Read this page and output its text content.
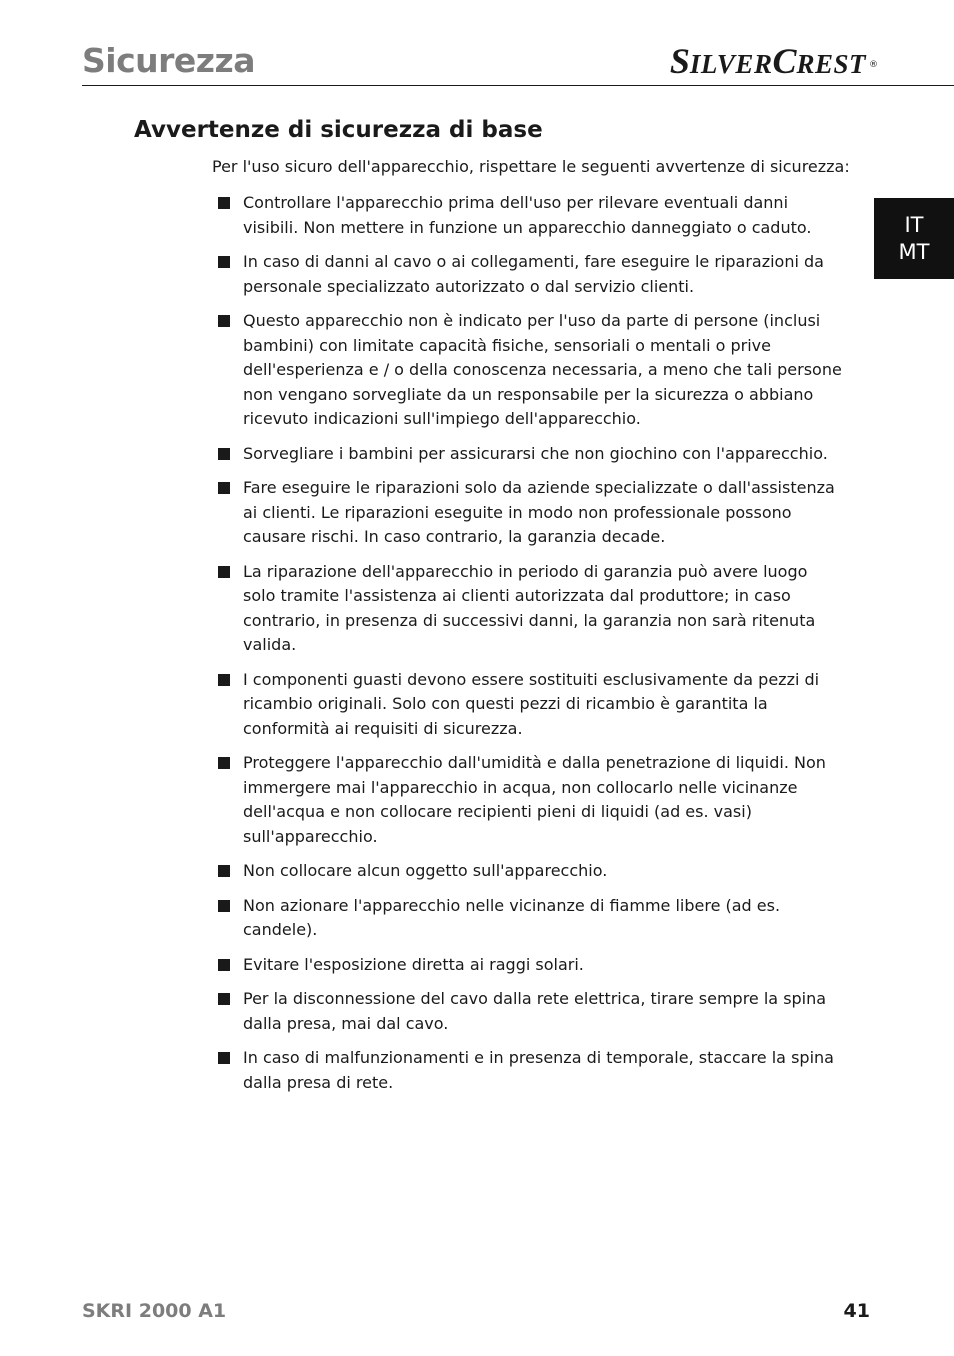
Sicurezza	SILVERCREST ®
IT
MT
Avvertenze di sicurezza di base

Per l'uso sicuro dell'apparecchio, rispettare le seguenti avvertenze di sicurezza:

Controllare l'apparecchio prima dell'uso per rilevare eventuali danni visibili. Non mettere in funzione un apparecchio danneggiato o caduto.
In caso di danni al cavo o ai collegamenti, fare eseguire le riparazioni da personale specializzato autorizzato o dal servizio clienti.
Questo apparecchio non è indicato per l'uso da parte di persone (inclusi bambini) con limitate capacità fisiche, sensoriali o mentali o prive dell'esperienza e / o della conoscenza necessaria, a meno che tali persone non vengano sorvegliate da un responsabile per la sicurezza o abbiano ricevuto indicazioni sull'impiego dell'apparecchio.
Sorvegliare i bambini per assicurarsi che non giochino con l'apparecchio.
Fare eseguire le riparazioni solo da aziende specializzate o dall'assistenza ai clienti. Le riparazioni eseguite in modo non professionale possono causare rischi. In caso contrario, la garanzia decade.
La riparazione dell'apparecchio in periodo di garanzia può avere luogo solo tramite l'assistenza ai clienti autorizzata dal produttore; in caso contrario, in presenza di successivi danni, la garanzia non sarà ritenuta valida.
I componenti guasti devono essere sostituiti esclusivamente da pezzi di ricambio originali. Solo con questi pezzi di ricambio è garantita la conformità ai requisiti di sicurezza.
Proteggere l'apparecchio dall'umidità e dalla penetrazione di liquidi. Non immergere mai l'apparecchio in acqua, non collocarlo nelle vicinanze dell'acqua e non collocare recipienti pieni di liquidi (ad es. vasi) sull'apparecchio.
Non collocare alcun oggetto sull'apparecchio.
Non azionare l'apparecchio nelle vicinanze di fiamme libere (ad es. candele).
Evitare l'esposizione diretta ai raggi solari.
Per la disconnessione del cavo dalla rete elettrica, tirare sempre la spina dalla presa, mai dal cavo.
In caso di malfunzionamenti e in presenza di temporale, staccare la spina dalla presa di rete.
SKRI 2000 A1	41
